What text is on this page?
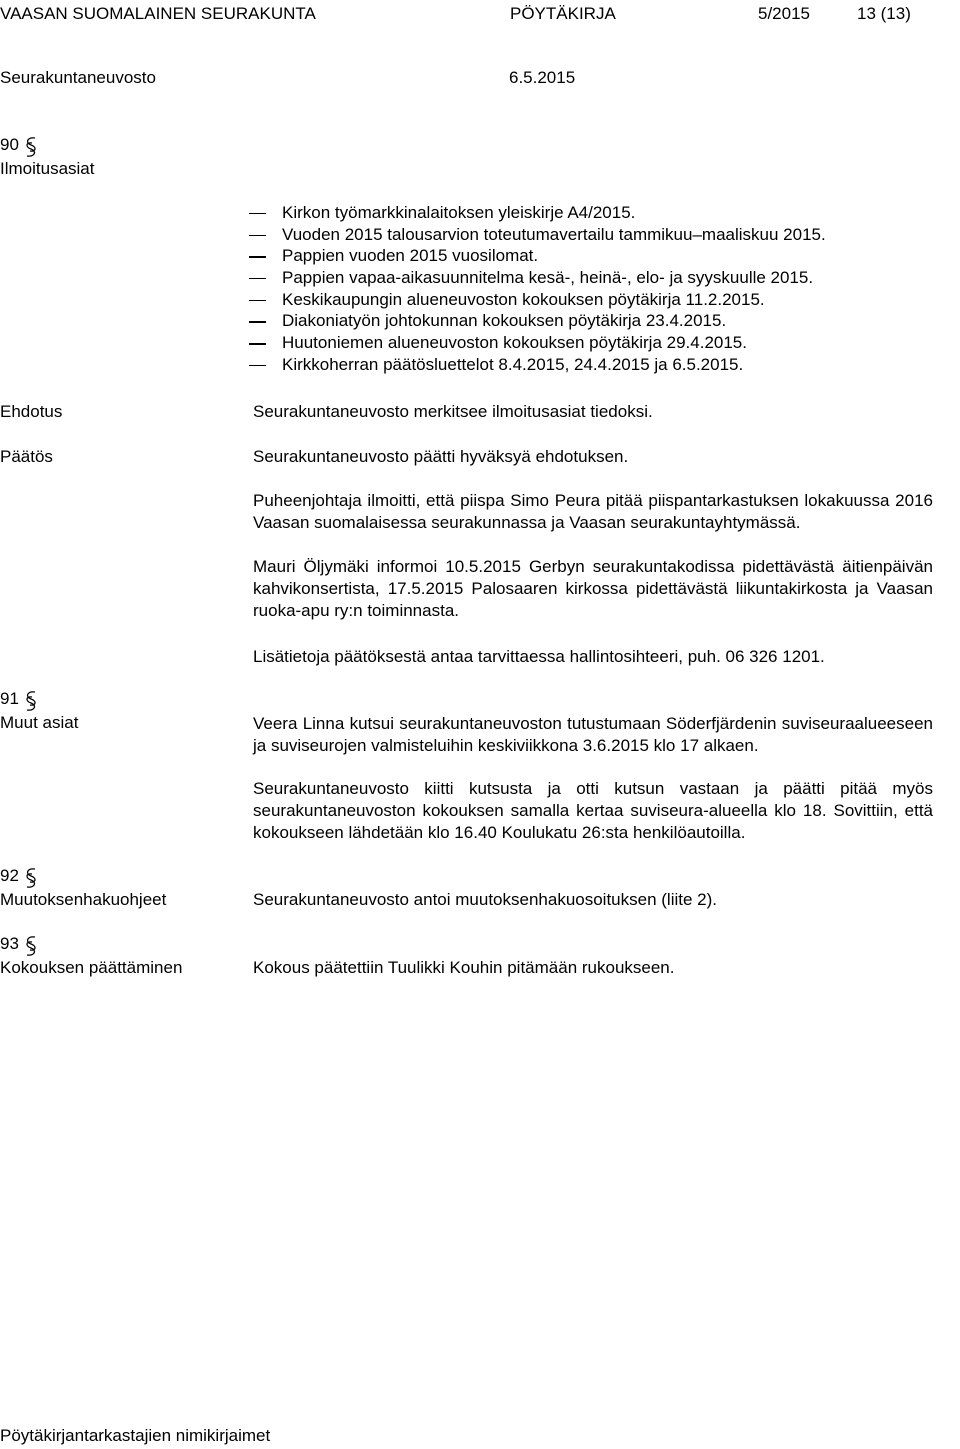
VAASAN SUOMALAINEN SEURAKUNTA	PÖYTÄKIRJA	5/2015	13 (13)
Seurakuntaneuvosto	6.5.2015
90
Ilmoitusasiat
Kirkon työmarkkinalaitoksen yleiskirje A4/2015.
Vuoden 2015 talousarvion toteutumavertailu tammikuu–maaliskuu 2015.
Pappien vuoden 2015 vuosilomat.
Pappien vapaa-aikasuunnitelma kesä-, heinä-, elo- ja syyskuulle 2015.
Keskikaupungin alueneuvoston kokouksen pöytäkirja 11.2.2015.
Diakoniatyön johtokunnan kokouksen pöytäkirja 23.4.2015.
Huutoniemen alueneuvoston kokouksen pöytäkirja 29.4.2015.
Kirkkoherran päätösluettelot 8.4.2015, 24.4.2015 ja 6.5.2015.
Ehdotus	Seurakuntaneuvosto merkitsee ilmoitusasiat tiedoksi.
Päätös	Seurakuntaneuvosto päätti hyväksyä ehdotuksen.

Puheenjohtaja ilmoitti, että piispa Simo Peura pitää piispantarkastuksen lokakuussa 2016 Vaasan suomalaisessa seurakunnassa ja Vaasan seurakuntayhtymässä.

Mauri Öljymäki informoi 10.5.2015 Gerbyn seurakuntakodissa pidettävästä äitienpäivän kahvikonsertista, 17.5.2015 Palosaaren kirkossa pidettävästä liikuntakirkosta ja Vaasan ruoka-apu ry:n toiminnasta.

Lisätietoja päätöksestä antaa tarvittaessa hallintosihteeri, puh. 06 326 1201.
91
Muut asiat	Veera Linna kutsui seurakuntaneuvoston tutustumaan Söderfjärdenin suviseuraalueeseen ja suviseurojen valmisteluihin keskiviikkona 3.6.2015 klo 17 alkaen.

Seurakuntaneuvosto kiitti kutsusta ja otti kutsun vastaan ja päätti pitää myös seurakuntaneuvoston kokouksen samalla kertaa suviseura-alueella klo 18. Sovittiin, että kokoukseen lähdetään klo 16.40 Koulukatu 26:sta henkilöautoilla.

92
Muutoksenhakuohjeet	Seurakuntaneuvosto antoi muutoksenhakuosoituksen (liite 2).
93
Kokouksen päättäminen	Kokous päätettiin Tuulikki Kouhin pitämään rukoukseen.
Pöytäkirjantarkastajien nimikirjaimet
